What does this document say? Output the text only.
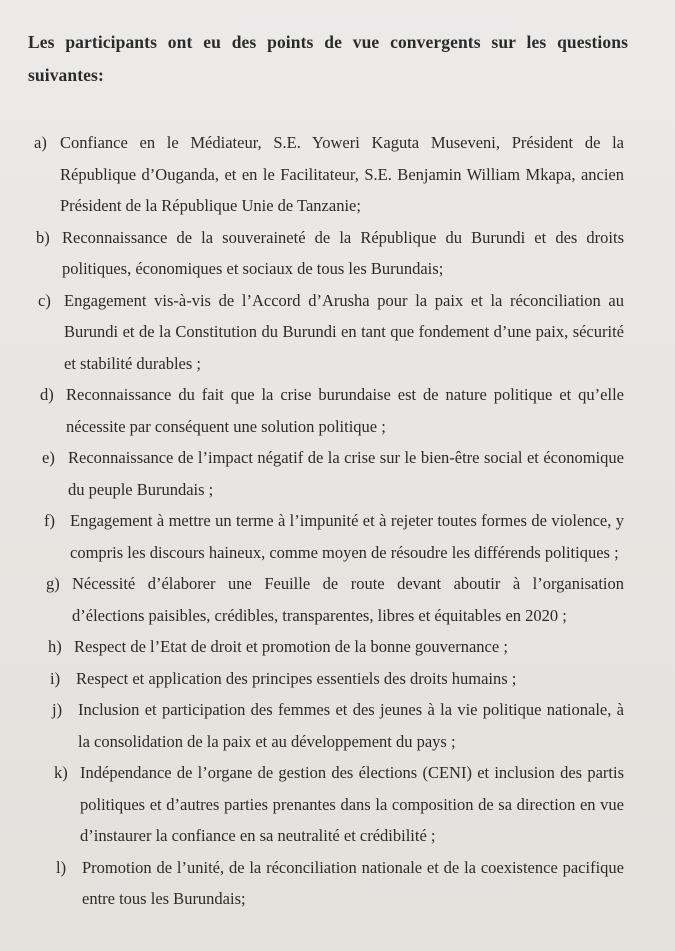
Les participants ont eu des points de vue convergents sur les questions suivantes:
a) Confiance en le Médiateur, S.E. Yoweri Kaguta Museveni, Président de la République d’Ouganda, et en le Facilitateur, S.E. Benjamin William Mkapa, ancien Président de la République Unie de Tanzanie;
b) Reconnaissance de la souveraineté de la République du Burundi et des droits politiques, économiques et sociaux de tous les Burundais;
c) Engagement vis-à-vis de l’Accord d’Arusha pour la paix et la réconciliation au Burundi et de la Constitution du Burundi en tant que fondement d’une paix, sécurité et stabilité durables ;
d) Reconnaissance du fait que la crise burundaise est de nature politique et qu’elle nécessite par conséquent une solution politique ;
e) Reconnaissance de l’impact négatif de la crise sur le bien-être social et économique du peuple Burundais ;
f) Engagement à mettre un terme à l’impunité et à rejeter toutes formes de violence, y compris les discours haineux, comme moyen de résoudre les différends politiques ;
g) Nécessité d’élaborer une Feuille de route devant aboutir à l’organisation d’élections paisibles, crédibles, transparentes, libres et équitables en 2020 ;
h) Respect de l’Etat de droit et promotion de la bonne gouvernance ;
i) Respect et application des principes essentiels des droits humains ;
j) Inclusion et participation des femmes et des jeunes à la vie politique nationale, à la consolidation de la paix et au développement du pays ;
k) Indépendance de l’organe de gestion des élections (CENI) et inclusion des partis politiques et d’autres parties prenantes dans la composition de sa direction en vue d’instaurer la confiance en sa neutralité et crédibilité ;
l) Promotion de l’unité, de la réconciliation nationale et de la coexistence pacifique entre tous les Burundais;
